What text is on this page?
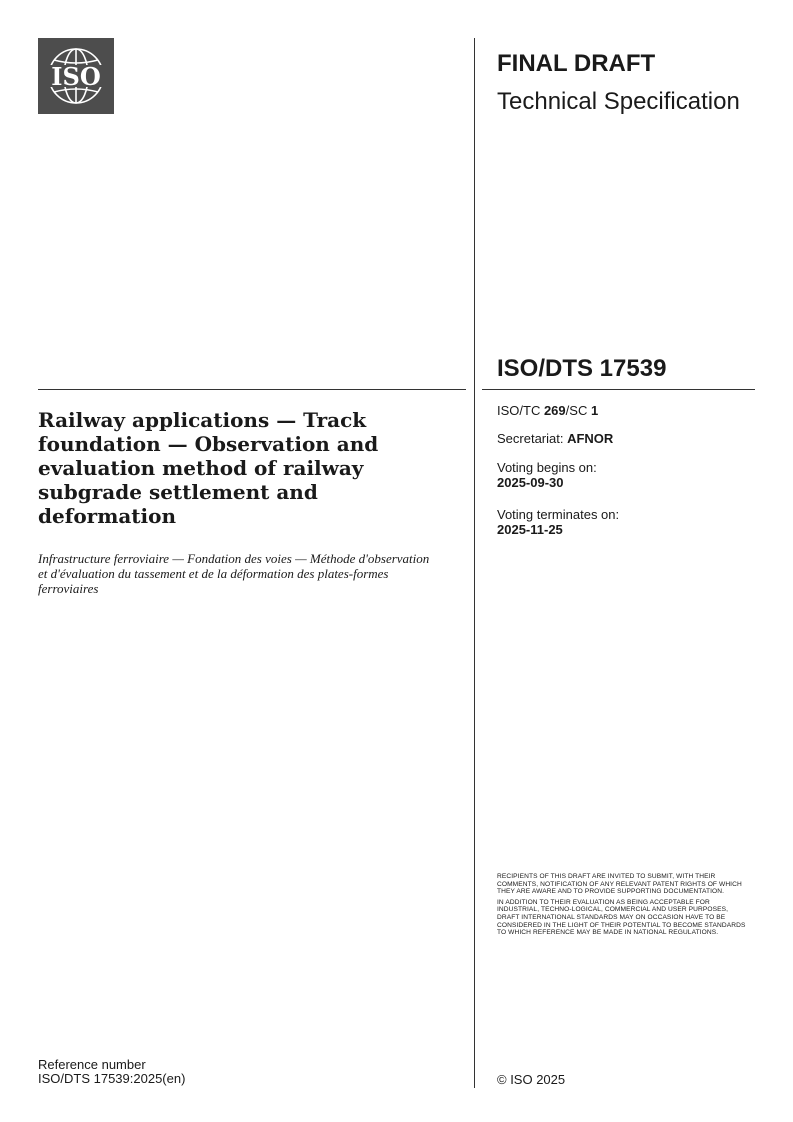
ISO	FINAL DRAFT
Technical Specification
ISO/DTS 17539
ISO/TC 269/SC 1
Secretariat: AFNOR
Voting begins on:
2025-09-30
Voting terminates on:
2025-11-25
Railway applications — Track foundation — Observation and evaluation method of railway subgrade settlement and deformation

Infrastructure ferroviaire — Fondation des voies — Méthode d'observation et d'évaluation du tassement et de la déformation des plates-formes ferroviaires

RECIPIENTS OF THIS DRAFT ARE INVITED TO SUBMIT, WITH THEIR COMMENTS, NOTIFICATION OF ANY RELEVANT PATENT RIGHTS OF WHICH THEY ARE AWARE AND TO PROVIDE SUPPORTING DOCUMENTATION.

IN ADDITION TO THEIR EVALUATION AS BEING ACCEPTABLE FOR INDUSTRIAL, TECHNO-LOGICAL, COMMERCIAL AND USER PURPOSES, DRAFT INTERNATIONAL STANDARDS MAY ON OCCASION HAVE TO BE CONSIDERED IN THE LIGHT OF THEIR POTENTIAL TO BECOME STANDARDS TO WHICH REFERENCE MAY BE MADE IN NATIONAL REGULATIONS.

Reference number
ISO/DTS 17539:2025(en)	© ISO 2025
